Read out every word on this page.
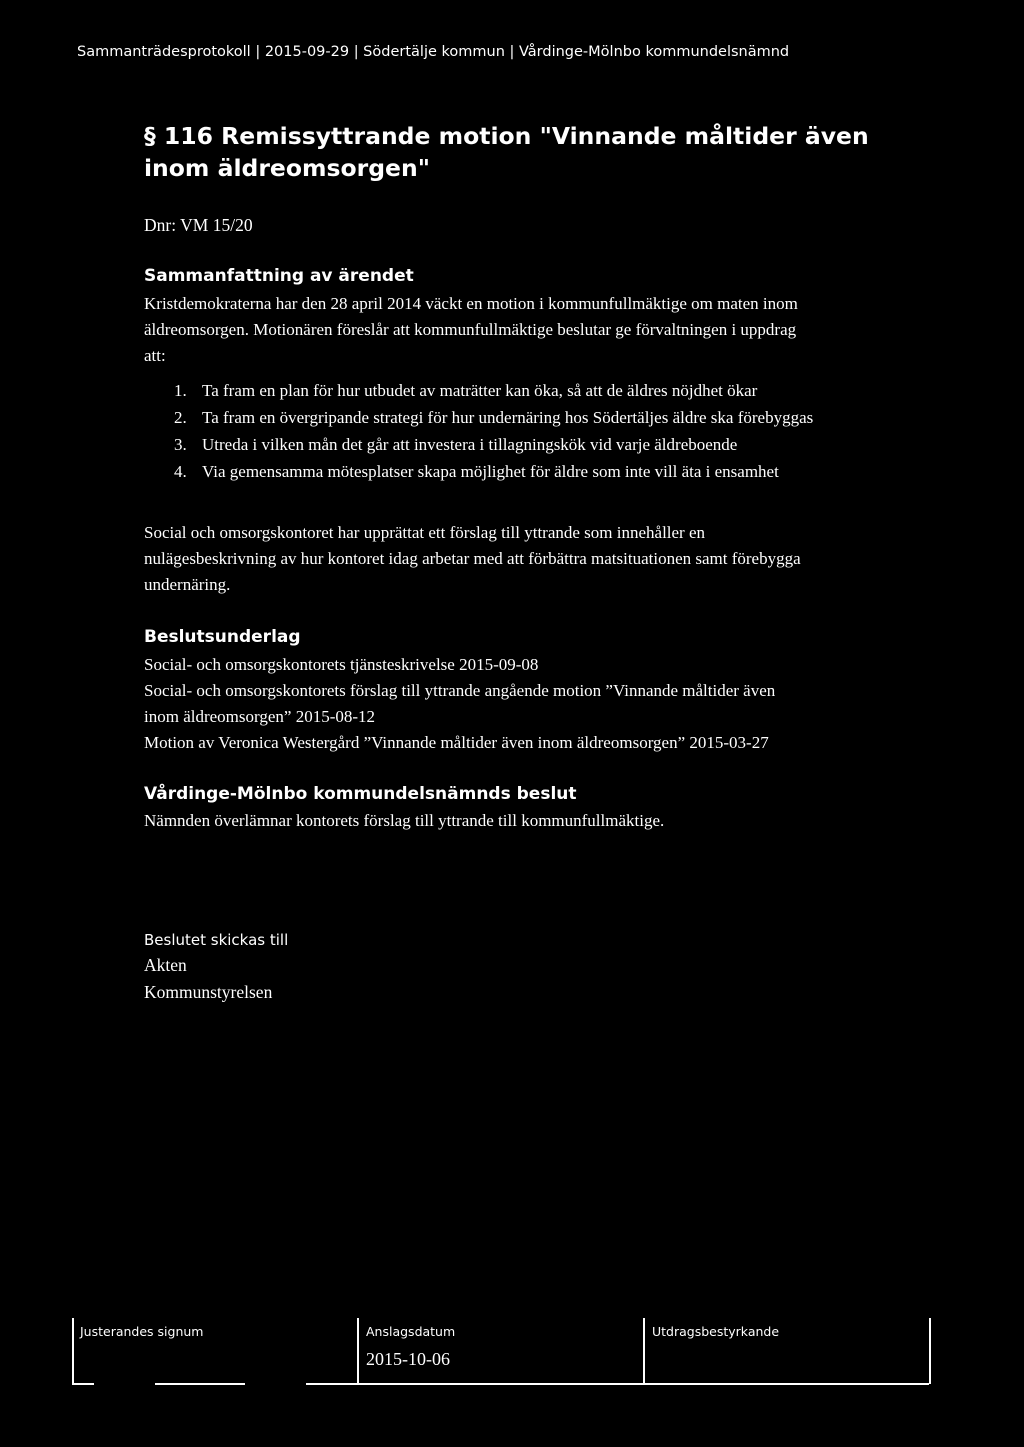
Sammanträdesprotokoll | 2015-09-29 | Södertälje kommun | Vårdinge-Mölnbo kommundelsnämnd
§ 116 Remissyttrande motion "Vinnande måltider även
inom äldreomsorgen"
Dnr: VM 15/20
Sammanfattning av ärendet
Kristdemokraterna har den 28 april 2014 väckt en motion i kommunfullmäktige om maten inom
äldreomsorgen. Motionären föreslår att kommunfullmäktige beslutar ge förvaltningen i uppdrag
att:
1. Ta fram en plan för hur utbudet av maträtter kan öka, så att de äldres nöjdhet ökar
2. Ta fram en övergripande strategi för hur undernäring hos Södertäljes äldre ska förebyggas
3. Utreda i vilken mån det går att investera i tillagningskök vid varje äldreboende
4. Via gemensamma mötesplatser skapa möjlighet för äldre som inte vill äta i ensamhet
Social och omsorgskontoret har upprättat ett förslag till yttrande som innehåller en
nulägesbeskrivning av hur kontoret idag arbetar med att förbättra matsituationen samt förebygga
undernäring.
Beslutsunderlag
Social- och omsorgskontorets tjänsteskrivelse 2015-09-08
Social- och omsorgskontorets förslag till yttrande angående motion ”Vinnande måltider även
inom äldreomsorgen” 2015-08-12
Motion av Veronica Westergård ”Vinnande måltider även inom äldreomsorgen” 2015-03-27
Vårdinge-Mölnbo kommundelsnämnds beslut
Nämnden överlämnar kontorets förslag till yttrande till kommunfullmäktige.
Beslutet skickas till
Akten
Kommunstyrelsen
Justerandes signum	Anslagsdatum
2015-10-06
Utdragsbestyrkande
